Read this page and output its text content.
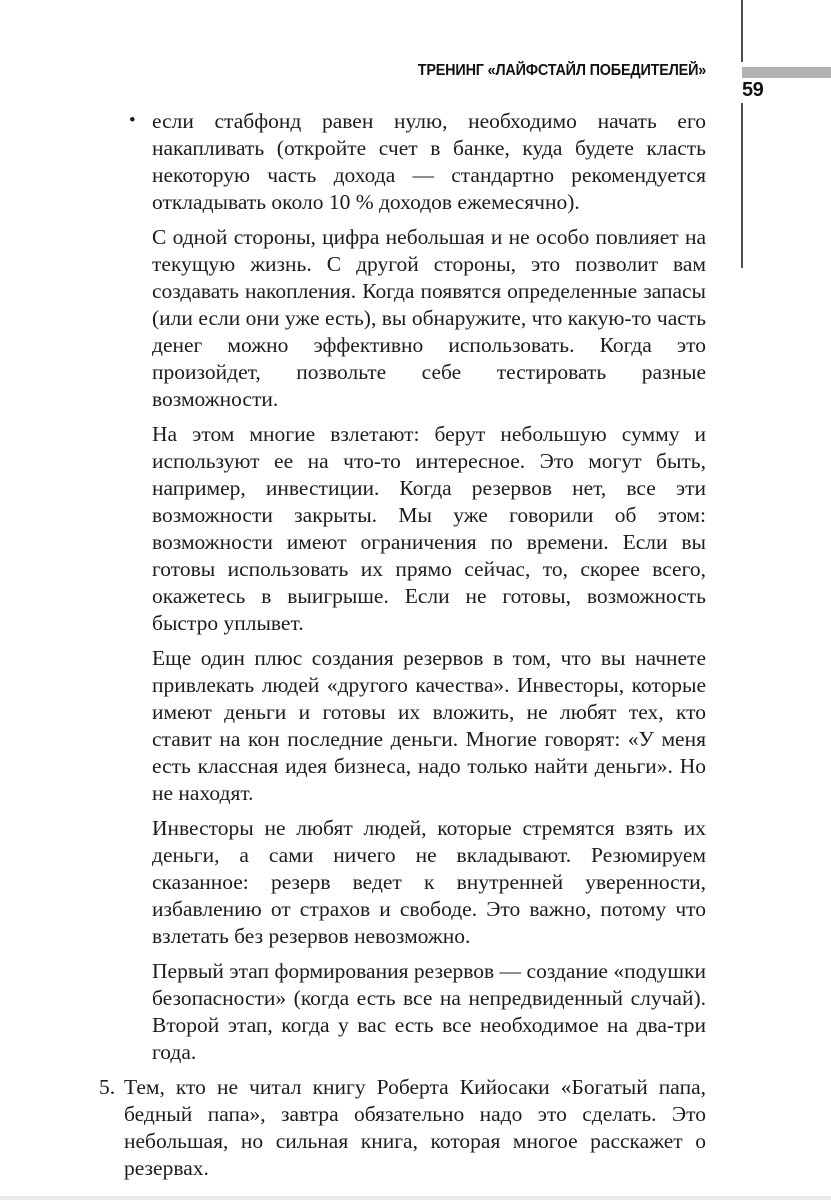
59
ТРЕНИНГ «ЛАЙФСТАЙЛ ПОБЕДИТЕЛЕЙ»
• если стабфонд равен нулю, необходимо начать его накапливать (откройте счет в банке, куда будете класть некоторую часть дохода — стандартно рекомендуется откладывать около 10 % доходов ежемесячно).
С одной стороны, цифра небольшая и не особо повлияет на текущую жизнь. С другой стороны, это позволит вам создавать накопления. Когда появятся определенные запасы (или если они уже есть), вы обнаружите, что какую-то часть денег можно эффективно использовать. Когда это произойдет, позвольте себе тестировать разные возможности.
На этом многие взлетают: берут небольшую сумму и используют ее на что-то интересное. Это могут быть, например, инвестиции. Когда резервов нет, все эти возможности закрыты. Мы уже говорили об этом: возможности имеют ограничения по времени. Если вы готовы использовать их прямо сейчас, то, скорее всего, окажетесь в выигрыше. Если не готовы, возможность быстро уплывет.
Еще один плюс создания резервов в том, что вы начнете привлекать людей «другого качества». Инвесторы, которые имеют деньги и готовы их вложить, не любят тех, кто ставит на кон последние деньги. Многие говорят: «У меня есть классная идея бизнеса, надо только найти деньги». Но не находят.
Инвесторы не любят людей, которые стремятся взять их деньги, а сами ничего не вкладывают. Резюмируем сказанное: резерв ведет к внутренней уверенности, избавлению от страхов и свободе. Это важно, потому что взлетать без резервов невозможно.
Первый этап формирования резервов — создание «подушки безопасности» (когда есть все на непредвиденный случай). Второй этап, когда у вас есть все необходимое на два-три года.
5. Тем, кто не читал книгу Роберта Кийосаки «Богатый папа, бедный папа», завтра обязательно надо это сделать. Это небольшая, но сильная книга, которая многое расскажет о резервах.
